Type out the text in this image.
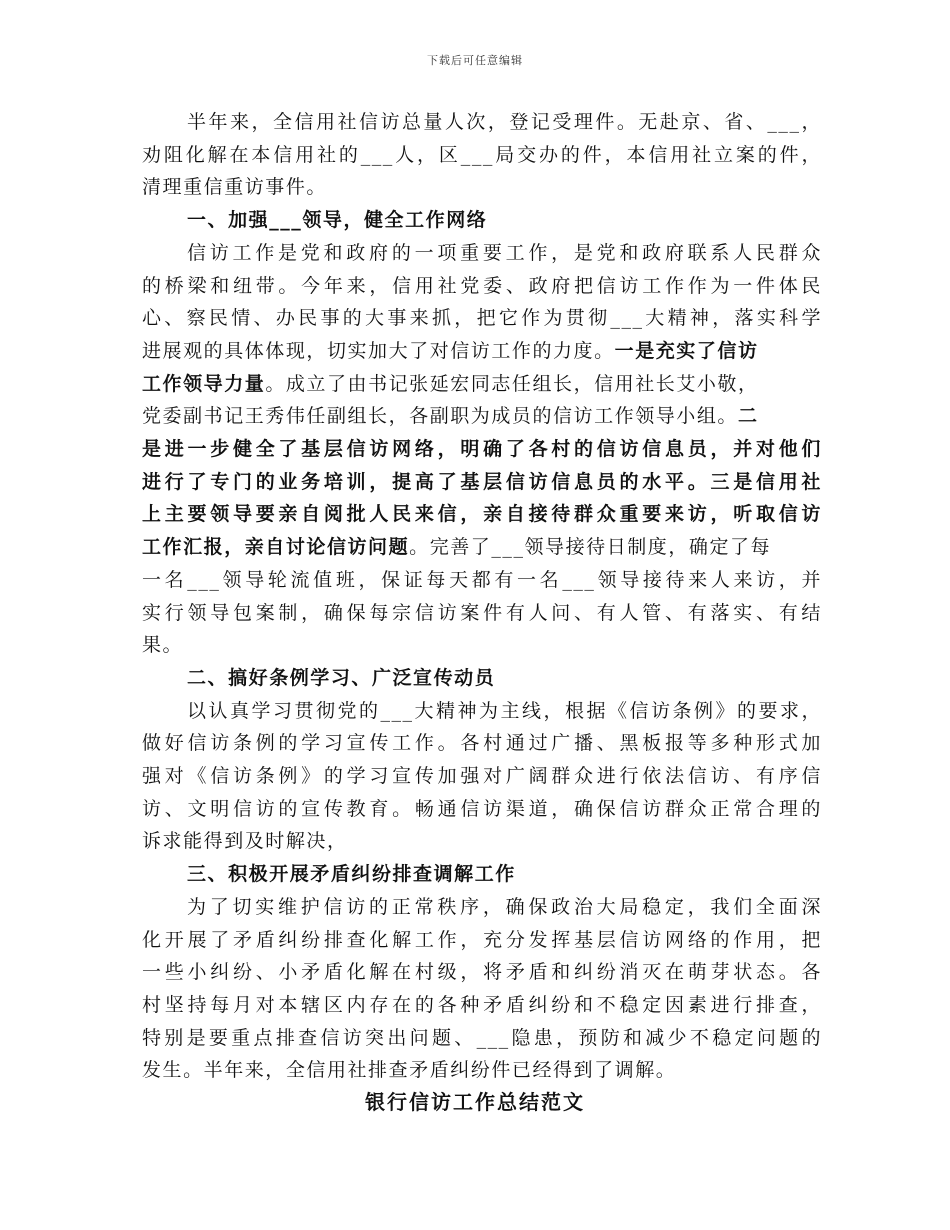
下载后可任意编辑

半年来，全信用社信访总量人次，登记受理件。无赴京、省、___，
劝阻化解在本信用社的___人，区___局交办的件，本信用社立案的件，
清理重信重访事件。

一、加强___领导，健全工作网络

信访工作是党和政府的一项重要工作，是党和政府联系人民群众
的桥梁和纽带。今年来，信用社党委、政府把信访工作作为一件体民
心、察民情、办民事的大事来抓，把它作为贯彻___大精神，落实科学
进展观的具体体现，切实加大了对信访工作的力度。一是充实了信访
工作领导力量。成立了由书记张延宏同志任组长，信用社长艾小敬，
党委副书记王秀伟任副组长，各副职为成员的信访工作领导小组。二
是进一步健全了基层信访网络，明确了各村的信访信息员，并对他们
进行了专门的业务培训，提高了基层信访信息员的水平。三是信用社
上主要领导要亲自阅批人民来信，亲自接待群众重要来访，听取信访
工作汇报，亲自讨论信访问题。完善了___领导接待日制度，确定了每
一名___领导轮流值班，保证每天都有一名___领导接待来人来访，并
实行领导包案制，确保每宗信访案件有人问、有人管、有落实、有结
果。

二、搞好条例学习、广泛宣传动员

以认真学习贯彻党的___大精神为主线，根据《信访条例》的要求，
做好信访条例的学习宣传工作。各村通过广播、黑板报等多种形式加
强对《信访条例》的学习宣传加强对广阔群众进行依法信访、有序信
访、文明信访的宣传教育。畅通信访渠道，确保信访群众正常合理的
诉求能得到及时解决，

三、积极开展矛盾纠纷排查调解工作

为了切实维护信访的正常秩序，确保政治大局稳定，我们全面深
化开展了矛盾纠纷排查化解工作，充分发挥基层信访网络的作用，把
一些小纠纷、小矛盾化解在村级，将矛盾和纠纷消灭在萌芽状态。各
村坚持每月对本辖区内存在的各种矛盾纠纷和不稳定因素进行排查，
特别是要重点排查信访突出问题、___隐患，预防和减少不稳定问题的
发生。半年来，全信用社排查矛盾纠纷件已经得到了调解。

银行信访工作总结范文
